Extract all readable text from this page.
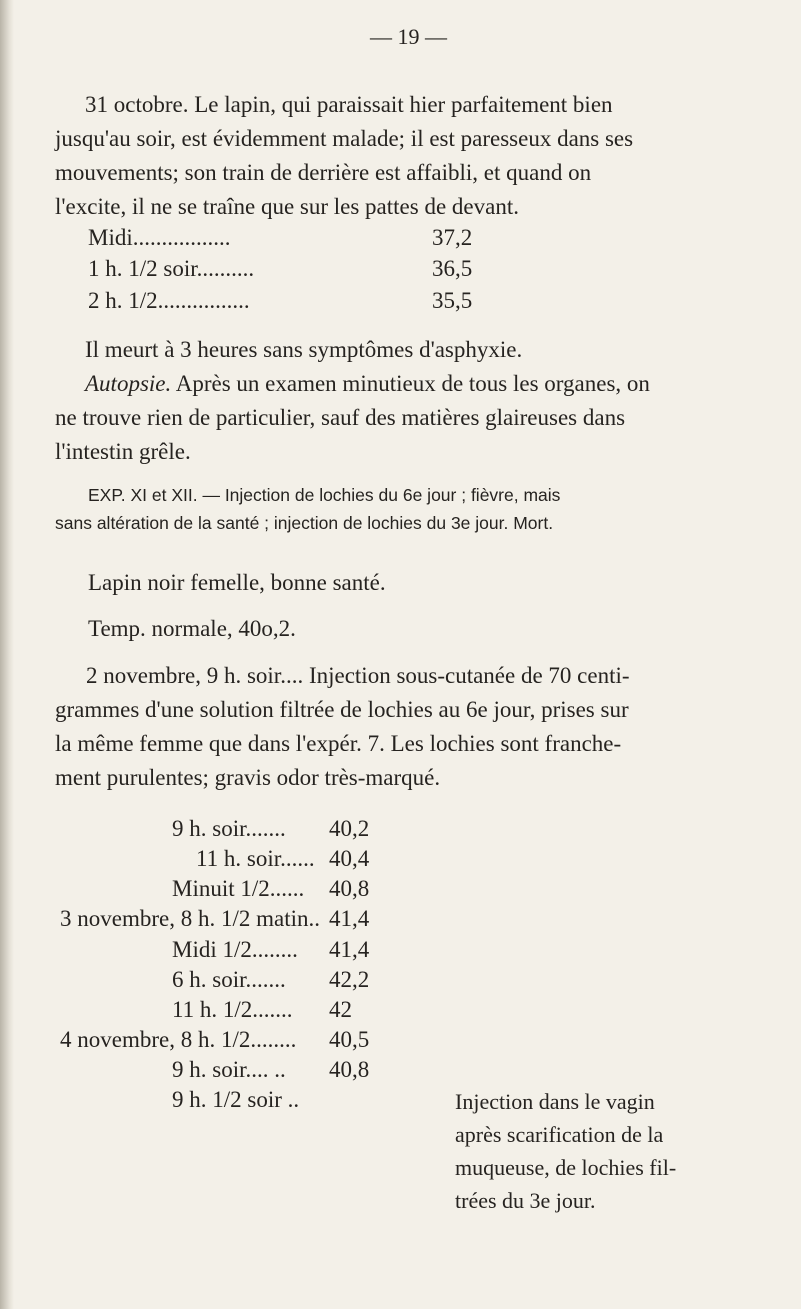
— 19 —
31 octobre. Le lapin, qui paraissait hier parfaitement bien
jusqu'au soir, est évidemment malade; il est paresseux dans ses
mouvements; son train de derrière est affaibli, et quand on
l'excite, il ne se traîne que sur les pattes de devant.
Midi.................	37,2
1 h. 1/2 soir..........	36,5
2 h. 1/2................	35,5
Il meurt à 3 heures sans symptômes d'asphyxie.
Autopsie. Après un examen minutieux de tous les organes, on
ne trouve rien de particulier, sauf des matières glaireuses dans
l'intestin grêle.
EXP. XI et XII. — Injection de lochies du 6e jour ; fièvre, mais
sans altération de la santé ; injection de lochies du 3e jour. Mort.
Lapin noir femelle, bonne santé.
Temp. normale, 40o,2.
2 novembre, 9 h. soir.... Injection sous-cutanée de 70 centi-
grammes d'une solution filtrée de lochies au 6e jour, prises sur
la même femme que dans l'expér. 7. Les lochies sont franche-
ment purulentes; gravis odor très-marqué.
9 h. soir....... 40,2
11 h. soir...... 40,4
Minuit 1/2...... 40,8
3 novembre, 8 h. 1/2 matin.. 41,4
Midi 1/2........ 41,4
6 h. soir....... 42,2
11 h. 1/2....... 42
4 novembre, 8 h. 1/2........ 40,5
9 h. soir.... .. 40,8
9 h. 1/2 soir ..	Injection dans le vagin
après scarification de la
muqueuse, de lochies fil-
trées du 3e jour.
